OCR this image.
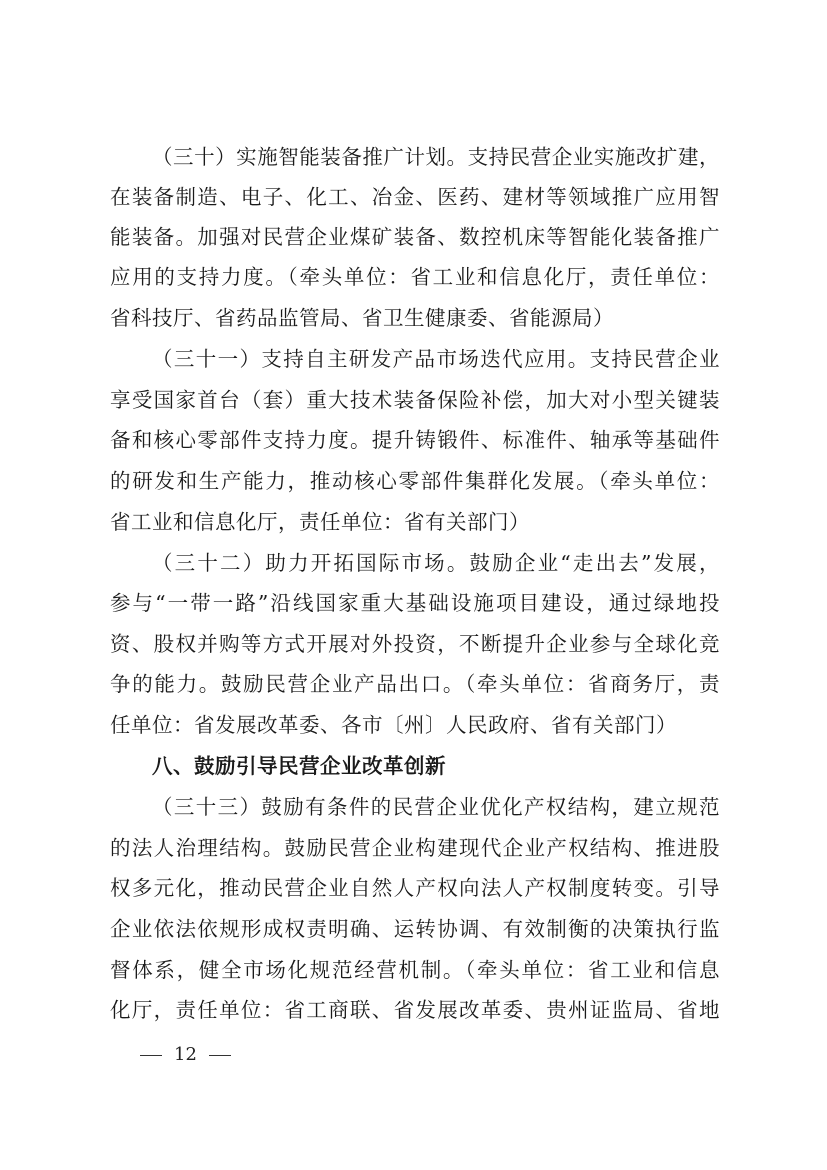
（三十）实施智能装备推广计划。支持民营企业实施改扩建，
在装备制造、电子、化工、冶金、医药、建材等领域推广应用智
能装备。加强对民营企业煤矿装备、数控机床等智能化装备推广
应用的支持力度。（牵头单位：省工业和信息化厅，责任单位：
省科技厅、省药品监管局、省卫生健康委、省能源局）
（三十一）支持自主研发产品市场迭代应用。支持民营企业
享受国家首台（套）重大技术装备保险补偿，加大对小型关键装
备和核心零部件支持力度。提升铸锻件、标准件、轴承等基础件
的研发和生产能力，推动核心零部件集群化发展。（牵头单位：
省工业和信息化厅，责任单位：省有关部门）
（三十二）助力开拓国际市场。鼓励企业“走出去”发展，
参与“一带一路”沿线国家重大基础设施项目建设，通过绿地投
资、股权并购等方式开展对外投资，不断提升企业参与全球化竞
争的能力。鼓励民营企业产品出口。（牵头单位：省商务厅，责
任单位：省发展改革委、各市〔州〕人民政府、省有关部门）
八、鼓励引导民营企业改革创新
（三十三）鼓励有条件的民营企业优化产权结构，建立规范
的法人治理结构。鼓励民营企业构建现代企业产权结构、推进股
权多元化，推动民营企业自然人产权向法人产权制度转变。引导
企业依法依规形成权责明确、运转协调、有效制衡的决策执行监
督体系，健全市场化规范经营机制。（牵头单位：省工业和信息
化厅，责任单位：省工商联、省发展改革委、贵州证监局、省地
12
